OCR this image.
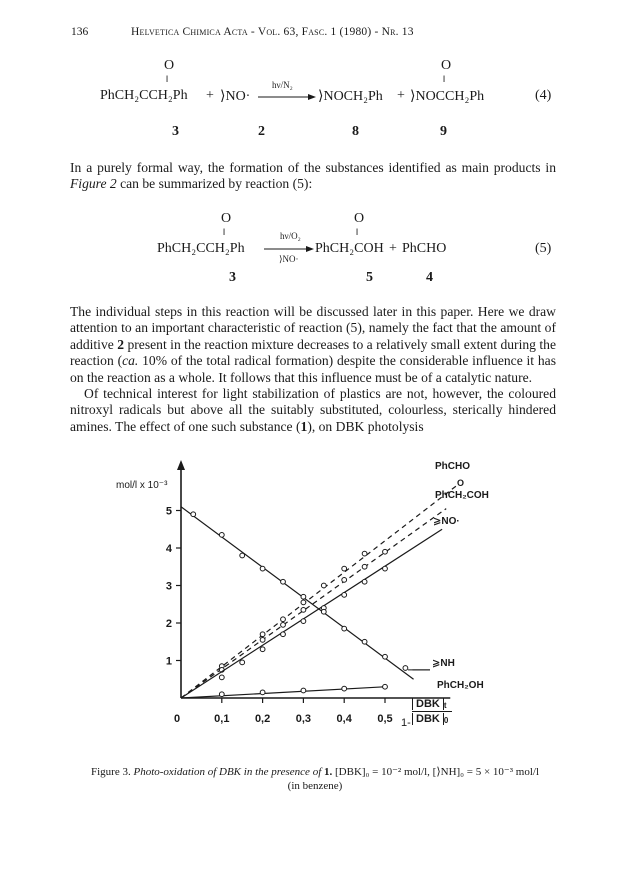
136	Helvetica Chimica Acta - Vol. 63, Fasc. 1 (1980) - Nr. 13
O
‖
O
‖
PhCH₂CCH₂Ph + ⟩NO·
hν/N₂
→ ⟩NOCH₂Ph + ⟩NOCCH₂Ph	(4)
3	2	8	9

In a purely formal way, the formation of the substances identified as main products in Figure 2 can be summarized by reaction (5):

O
‖
O
‖
PhCH₂CCH₂Ph
hν/O₂
⟩NO·
PhCH₂COH + PhCHO	(5)
3	5	4

The individual steps in this reaction will be discussed later in this paper. Here we draw attention to an important characteristic of reaction (5), namely the fact that the amount of additive 2 present in the reaction mixture decreases to a relatively small extent during the reaction (ca. 10% of the total radical formation) despite the considerable influence it has on the reaction as a whole. It follows that this influence must be of a catalytic nature.

Of technical interest for light stabilization of plastics are not, however, the coloured nitroxyl radicals but above all the suitably substituted, colourless, sterically hindered amines. The effect of one such substance (1), on DBK photolysis

1
2
3
4
5
0	0,1 0,2 0,3 0,4 0,5
mol/l x 10⁻³
PhCHO
O
PhCH₂COH
⩾NO·
⩾NH
PhCH₂OH
1-
DBK t
DBK 0
Figure 3. Photo-oxidation of DBK in the presence of 1. [DBK]₀ = 10⁻² mol/l, [⟩NH]₀ = 5 × 10⁻³ mol/l
(in benzene)
